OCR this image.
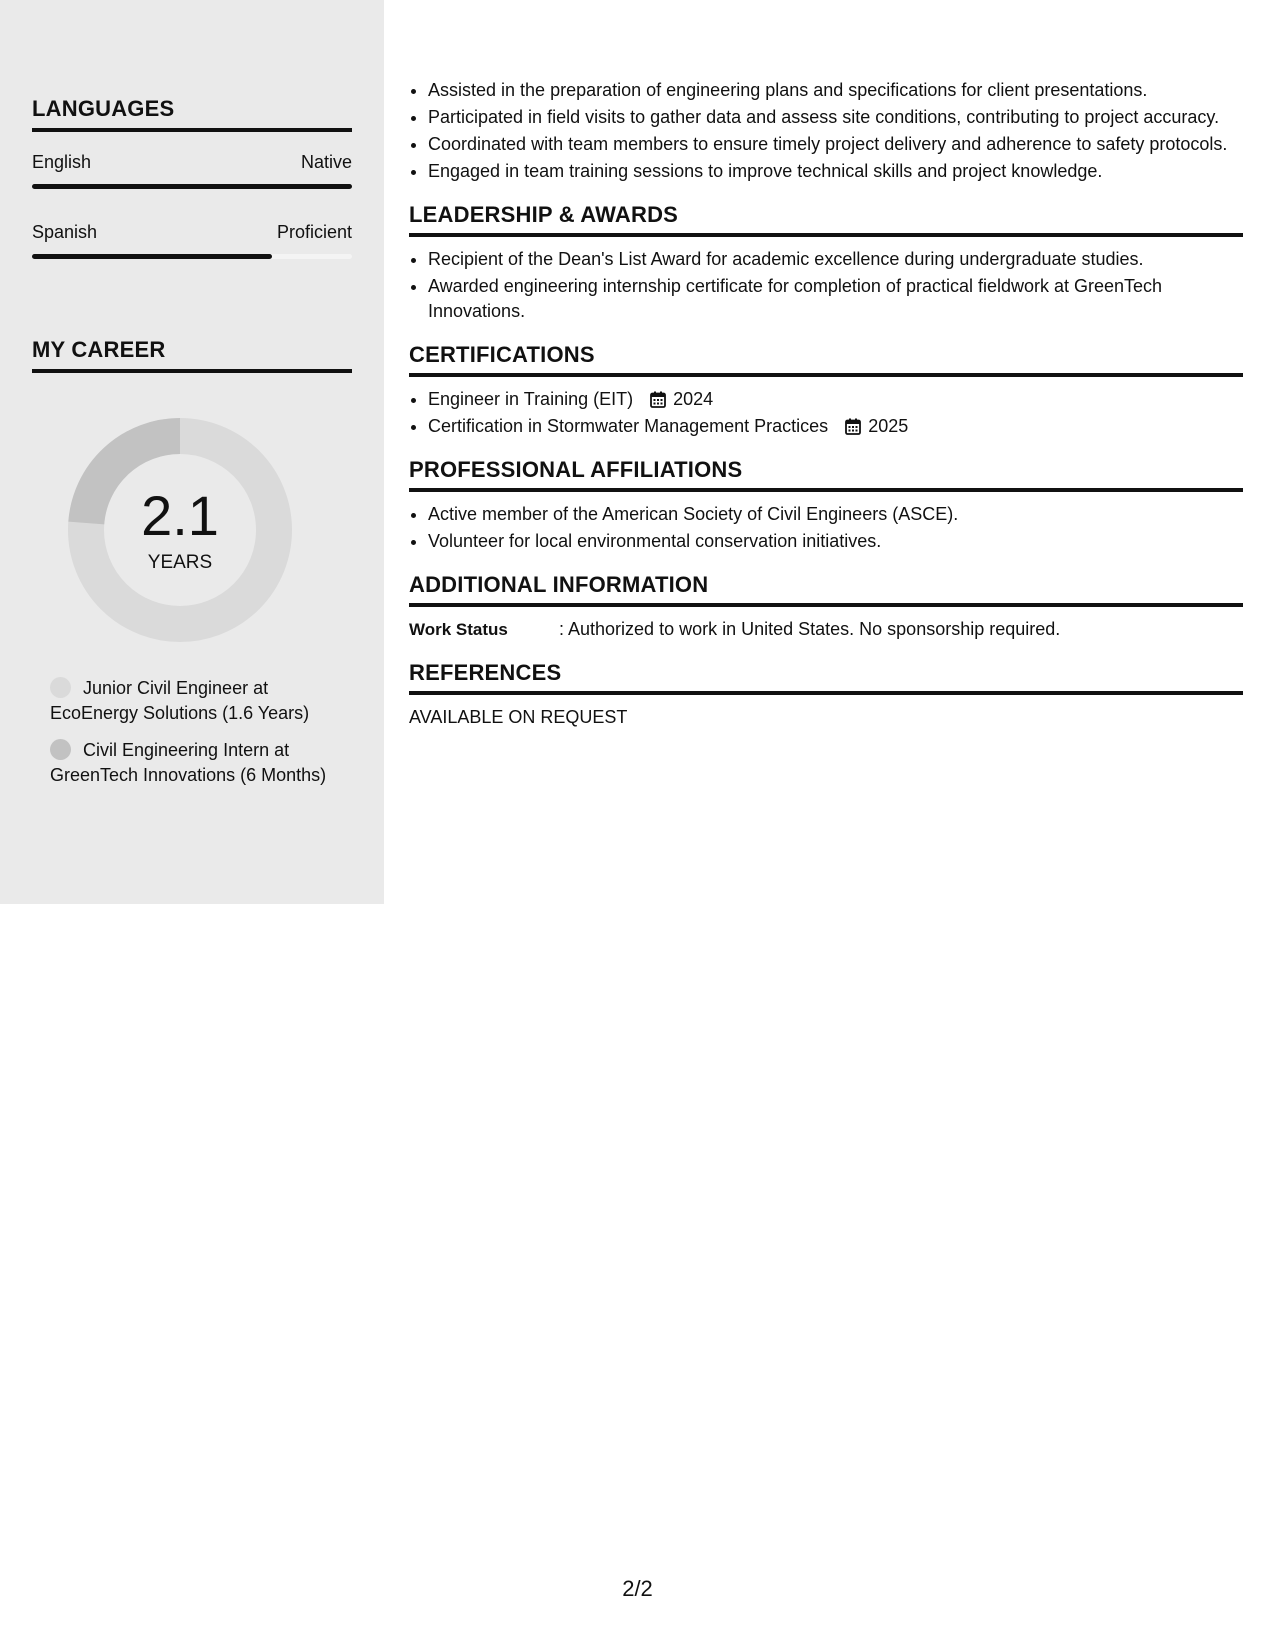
LANGUAGES
English	Native
Spanish	Proficient
MY CAREER
2.1
YEARS
Junior Civil Engineer at EcoEnergy Solutions (1.6 Years)
Civil Engineering Intern at GreenTech Innovations (6 Months)
• Assisted in the preparation of engineering plans and specifications for client presentations.
• Participated in field visits to gather data and assess site conditions, contributing to project accuracy.
• Coordinated with team members to ensure timely project delivery and adherence to safety protocols.
• Engaged in team training sessions to improve technical skills and project knowledge.
LEADERSHIP & AWARDS
• Recipient of the Dean's List Award for academic excellence during undergraduate studies.
• Awarded engineering internship certificate for completion of practical fieldwork at GreenTech Innovations.
CERTIFICATIONS
• Engineer in Training (EIT) 2024
• Certification in Stormwater Management Practices 2025
PROFESSIONAL AFFILIATIONS
• Active member of the American Society of Civil Engineers (ASCE).
• Volunteer for local environmental conservation initiatives.
ADDITIONAL INFORMATION
Work Status	: Authorized to work in United States. No sponsorship required.
REFERENCES
AVAILABLE ON REQUEST
2/2
